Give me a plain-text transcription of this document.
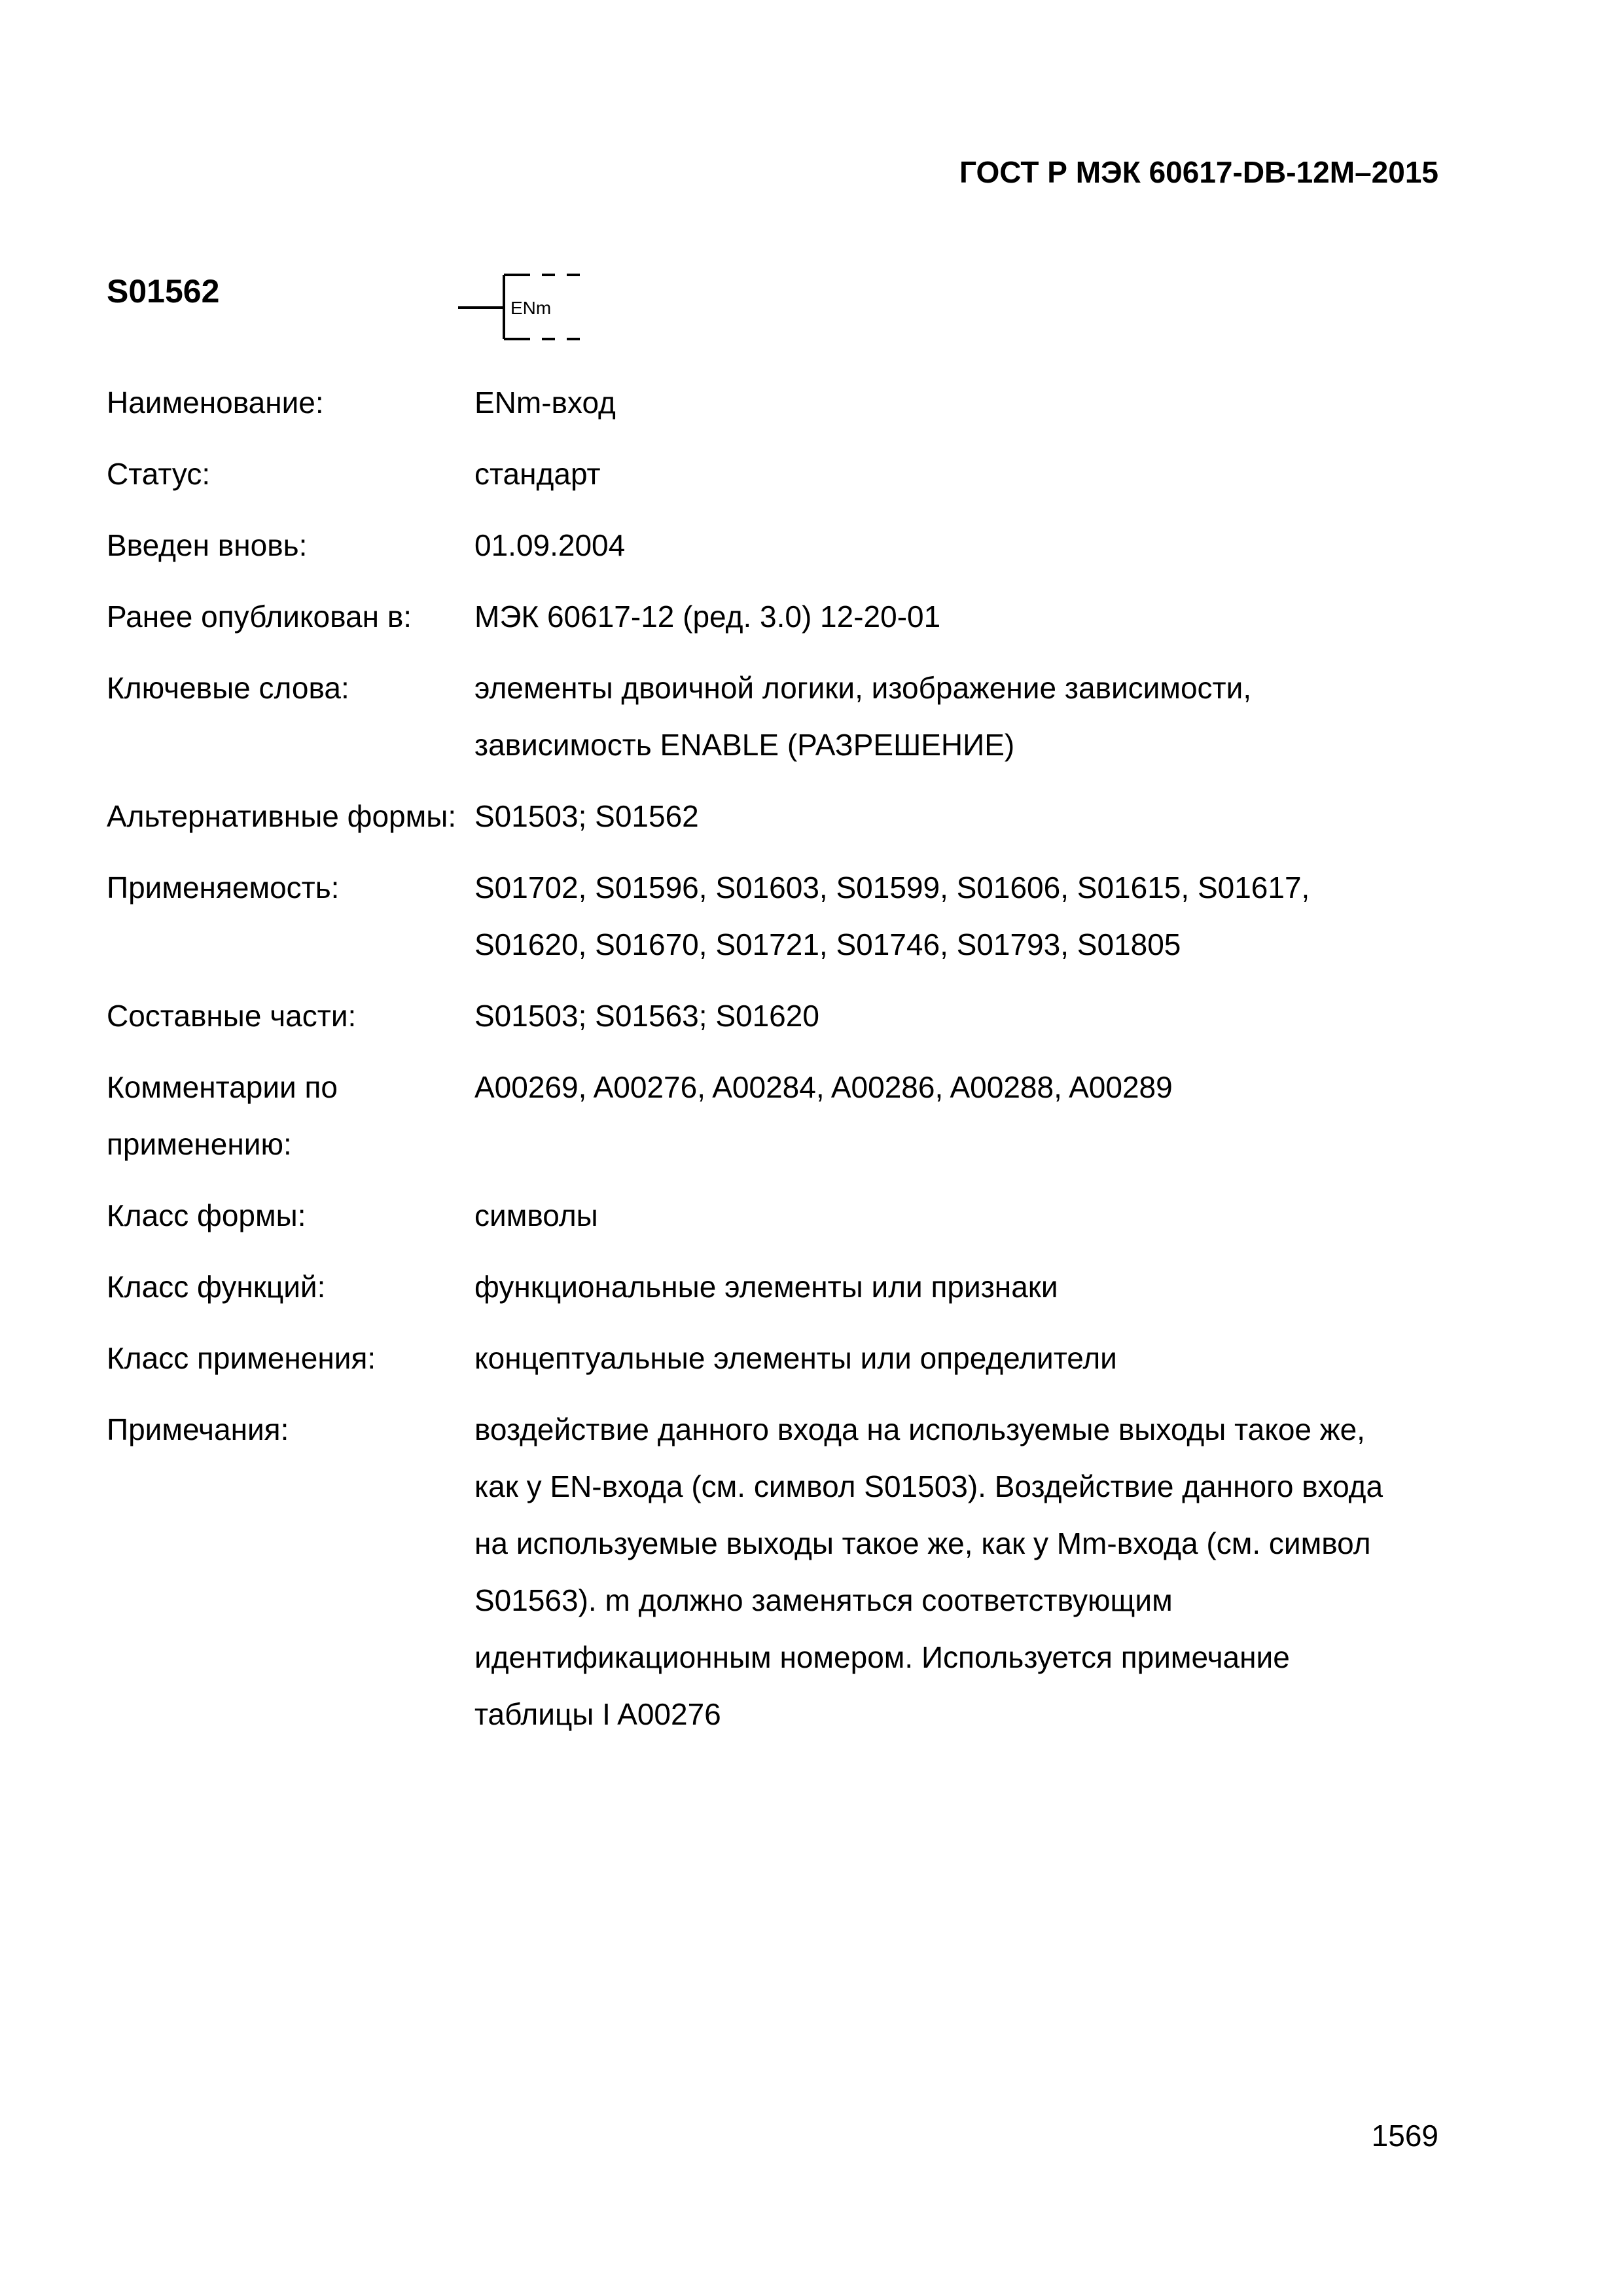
ГОСТ Р МЭК 60617-DB-12М–2015
S01562	ENm
Наименование:	ENm-вход
Статус:	стандарт
Введен вновь:	01.09.2004
Ранее опубликован в:	МЭК 60617-12 (ред. 3.0) 12-20-01
Ключевые слова:	элементы двоичной логики, изображение зависимости, зависимость ENABLE (РАЗРЕШЕНИЕ)
Альтернативные формы:	S01503; S01562
Применяемость:	S01702, S01596, S01603, S01599, S01606, S01615, S01617, S01620, S01670, S01721, S01746, S01793, S01805
Составные части:	S01503; S01563; S01620
Комментарии по применению:	A00269, A00276, A00284, A00286, A00288, A00289
Класс формы:	символы
Класс функций:	функциональные элементы или признаки
Класс применения:	концептуальные элементы или определители
Примечания:	воздействие данного входа на используемые выходы такое же, как у EN-входа (см. символ S01503). Воздействие данного входа на используемые выходы такое же, как у Mm-входа (см. символ S01563). m должно заменяться соответствующим идентификационным номером. Используется примечание таблицы I A00276
1569
